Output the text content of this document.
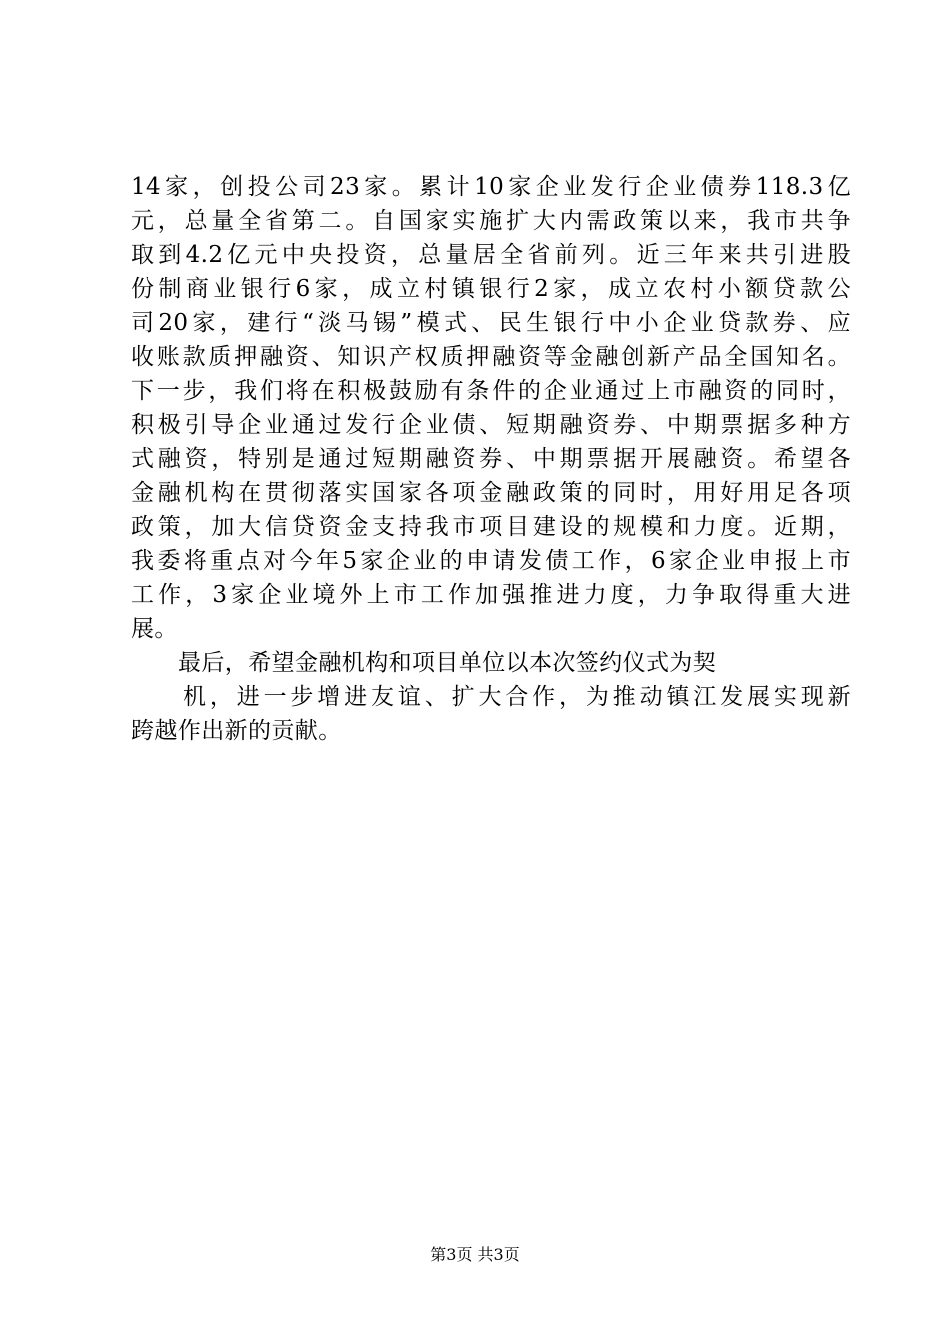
14家，创投公司23家。累计10家企业发行企业债券118.3亿
元，总量全省第二。自国家实施扩大内需政策以来，我市共争
取到4.2亿元中央投资，总量居全省前列。近三年来共引进股
份制商业银行6家，成立村镇银行2家，成立农村小额贷款公
司20家，建行“淡马锡”模式、民生银行中小企业贷款券、应
收账款质押融资、知识产权质押融资等金融创新产品全国知名。
下一步，我们将在积极鼓励有条件的企业通过上市融资的同时，
积极引导企业通过发行企业债、短期融资券、中期票据多种方
式融资，特别是通过短期融资券、中期票据开展融资。希望各
金融机构在贯彻落实国家各项金融政策的同时，用好用足各项
政策，加大信贷资金支持我市项目建设的规模和力度。近期，
我委将重点对今年5家企业的申请发债工作，6家企业申报上市
工作，3家企业境外上市工作加强推进力度，力争取得重大进
展。
最后，希望金融机构和项目单位以本次签约仪式为契
机，进一步增进友谊、扩大合作，为推动镇江发展实现新
跨越作出新的贡献。
第3页 共3页
